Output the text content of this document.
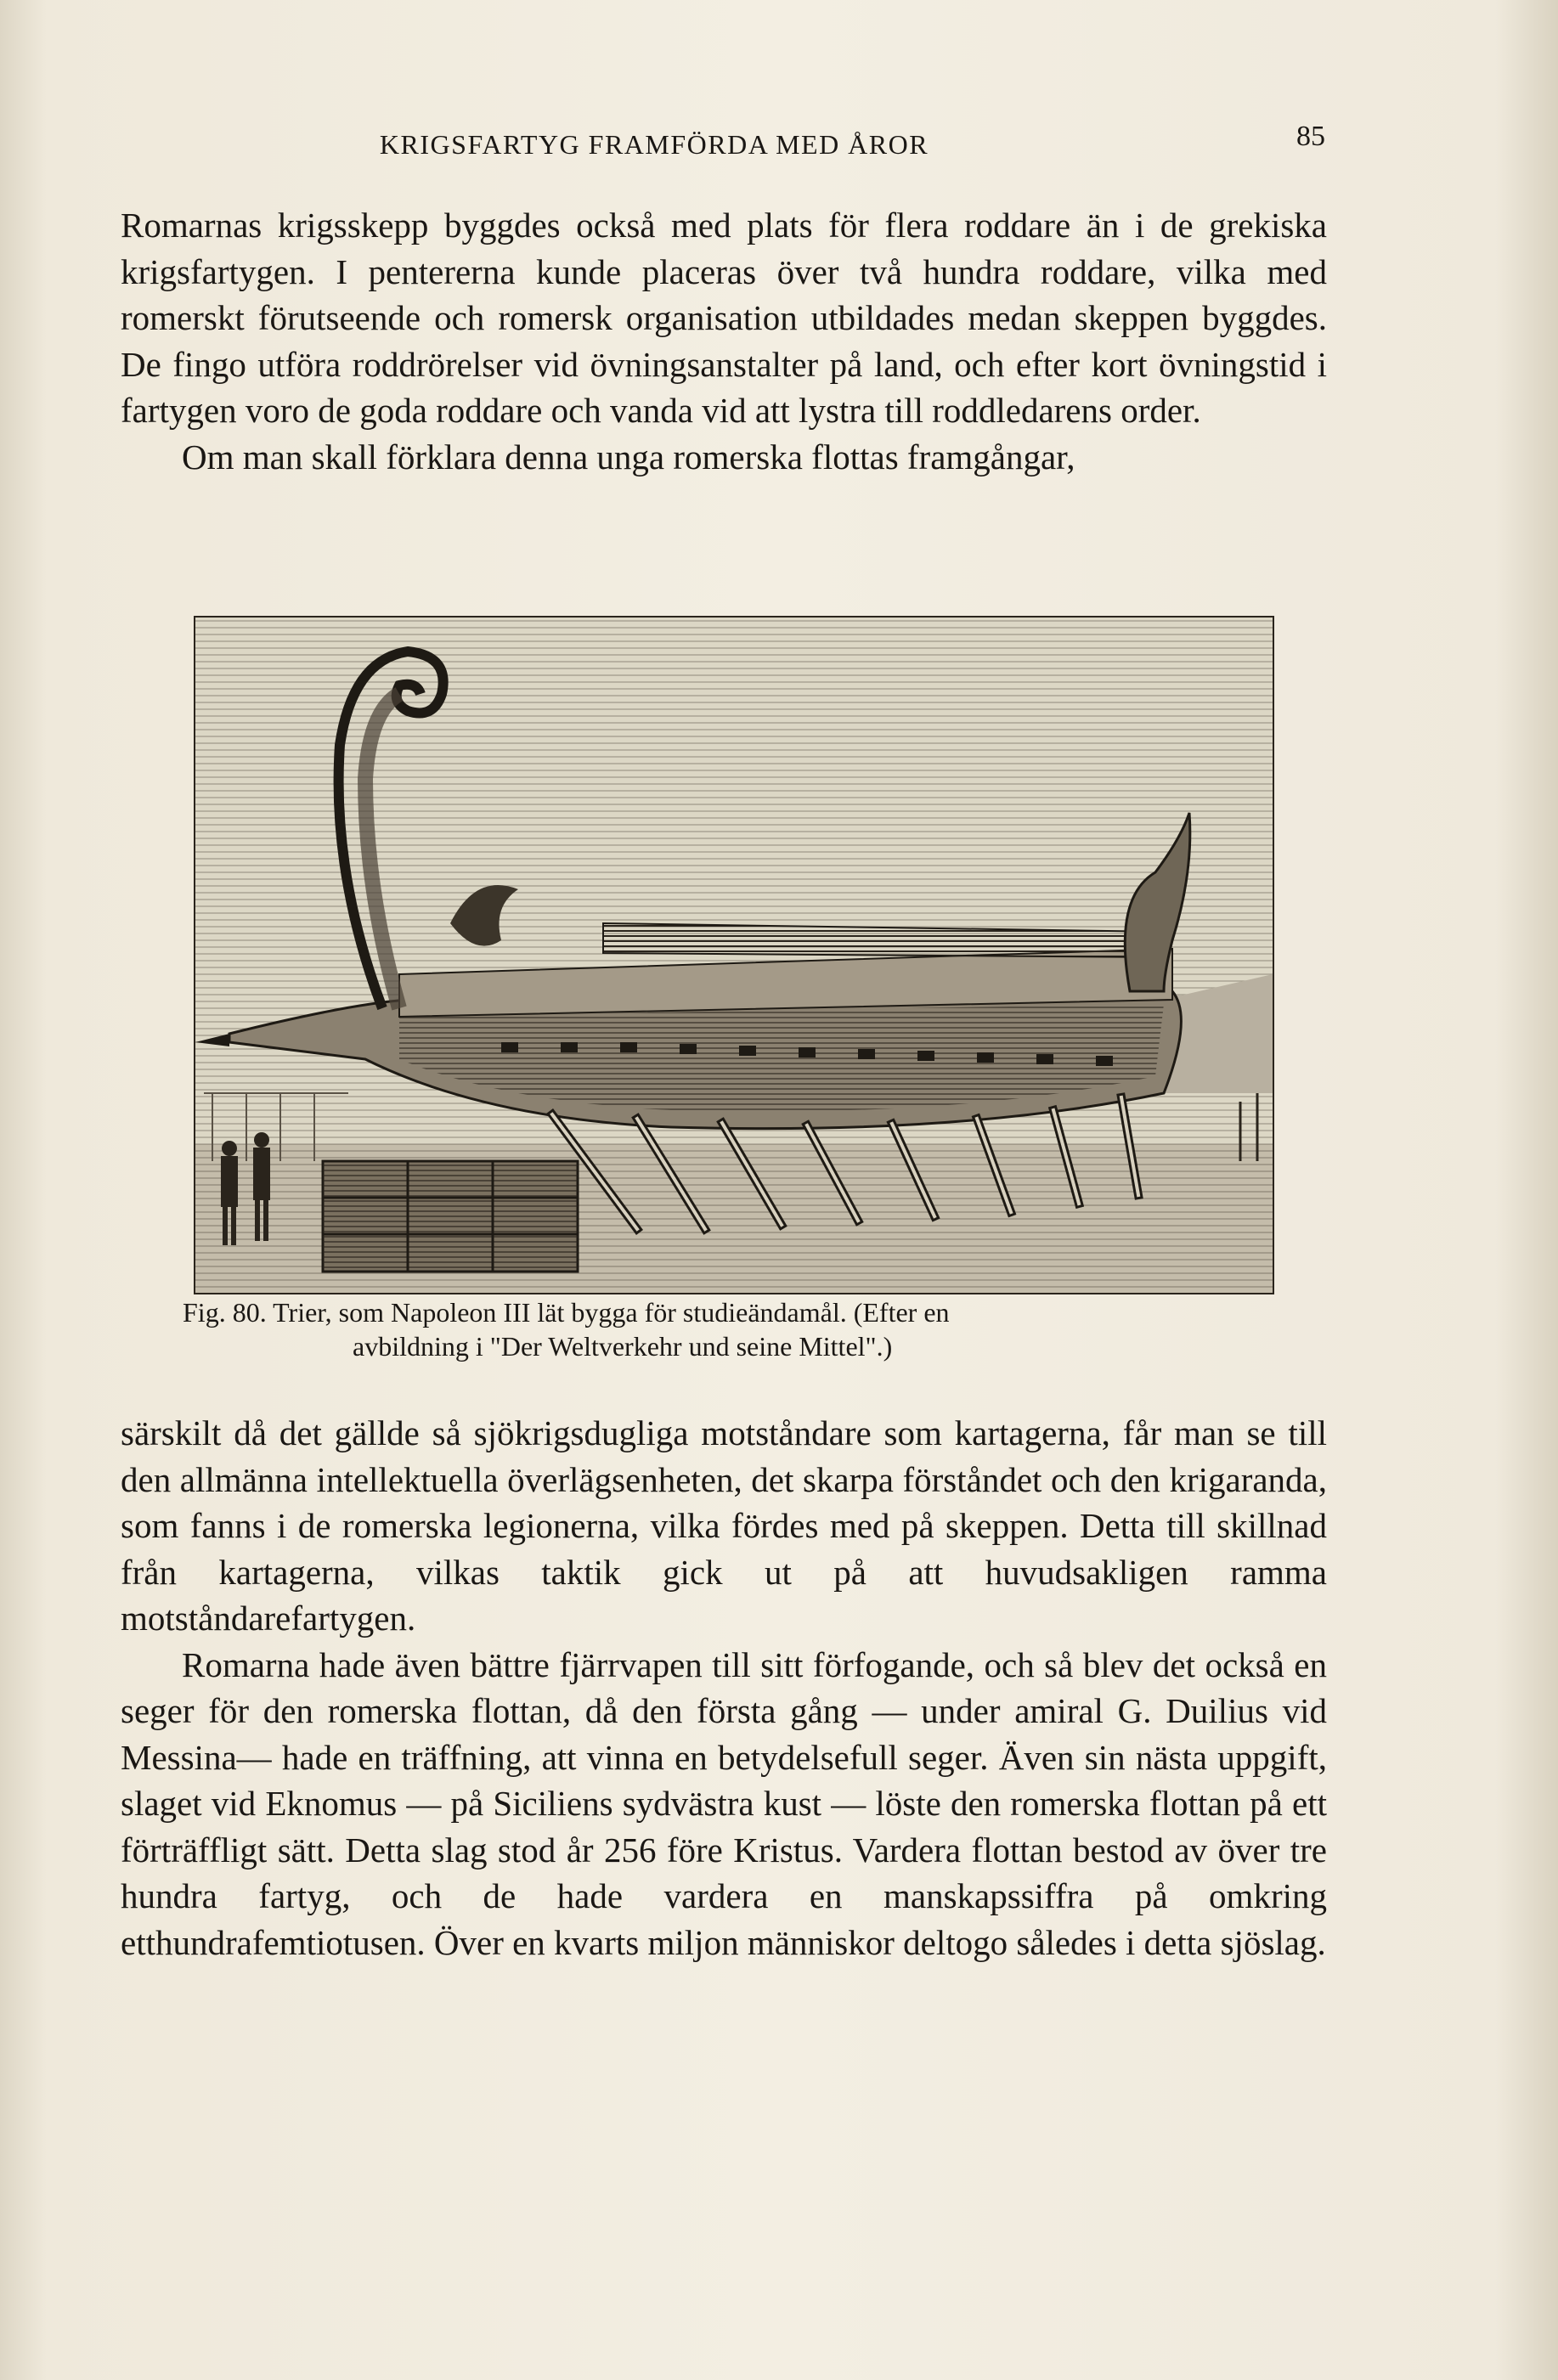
KRIGSFARTYG FRAMFÖRDA MED ÅROR	85

Romarnas krigsskepp byggdes också med plats för flera roddare än i de grekiska krigsfartygen. I pentererna kunde placeras över två hundra roddare, vilka med romerskt förutseende och romersk organisation utbildades medan skeppen byggdes. De fingo utföra roddrörelser vid övningsanstalter på land, och efter kort övningstid i fartygen voro de goda roddare och vanda vid att lystra till roddledarens order.

Om man skall förklara denna unga romerska flottas framgångar,

Fig. 80. Trier, som Napoleon III lät bygga för studieändamål. (Efter en
avbildning i "Der Weltverkehr und seine Mittel".)

särskilt då det gällde så sjökrigsdugliga motståndare som kartagerna, får man se till den allmänna intellektuella överlägsenheten, det skarpa förståndet och den krigaranda, som fanns i de romerska legionerna, vilka fördes med på skeppen. Detta till skillnad från kartagerna, vilkas taktik gick ut på att huvudsakligen ramma motståndarefartygen.

Romarna hade även bättre fjärrvapen till sitt förfogande, och så blev det också en seger för den romerska flottan, då den första gång — under amiral G. Duilius vid Messina— hade en träffning, att vinna en betydelsefull seger. Även sin nästa uppgift, slaget vid Eknomus — på Siciliens sydvästra kust — löste den romerska flottan på ett förträffligt sätt. Detta slag stod år 256 före Kristus. Vardera flottan bestod av över tre hundra fartyg, och de hade vardera en manskapssiffra på omkring etthundrafemtiotusen. Över en kvarts miljon människor deltogo således i detta sjöslag.
